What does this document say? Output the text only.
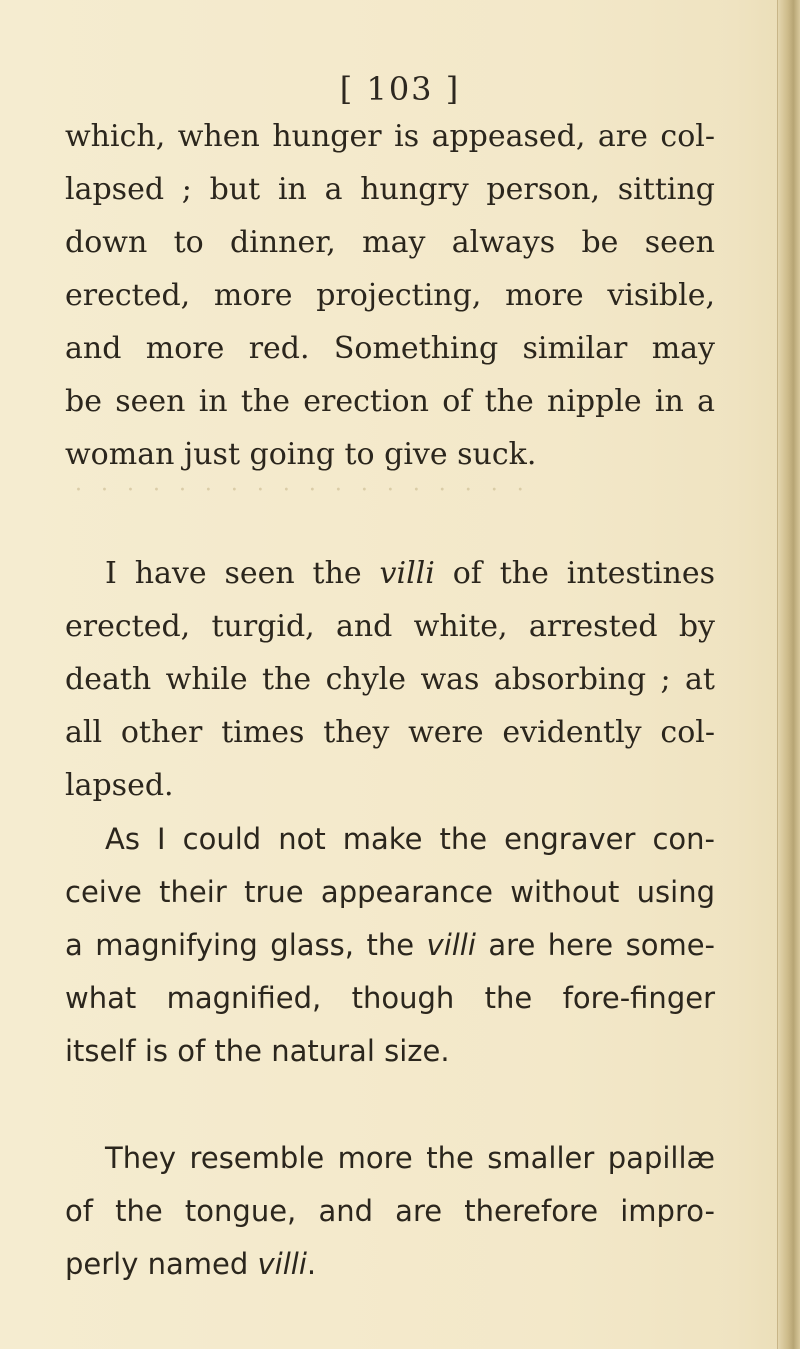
[ 103 ]
· · · · · · · · · · · · · · · · · ·
which, when hunger is appeased, are col-
lapsed ; but in a hungry person, sitting
down to dinner, may always be seen
erected, more projecting, more visible,
and more red. Something similar may
be seen in the erection of the nipple in a
woman just going to give suck.
I have seen the villi of the intestines
erected, turgid, and white, arrested by
death while the chyle was absorbing ; at
all other times they were evidently col-
lapsed.
As I could not make the engraver con-
ceive their true appearance without using
a magnifying glass, the villi are here some-
what magnified, though the fore-finger
itself is of the natural size.
They resemble more the smaller papillæ
of the tongue, and are therefore impro-
perly named villi.
